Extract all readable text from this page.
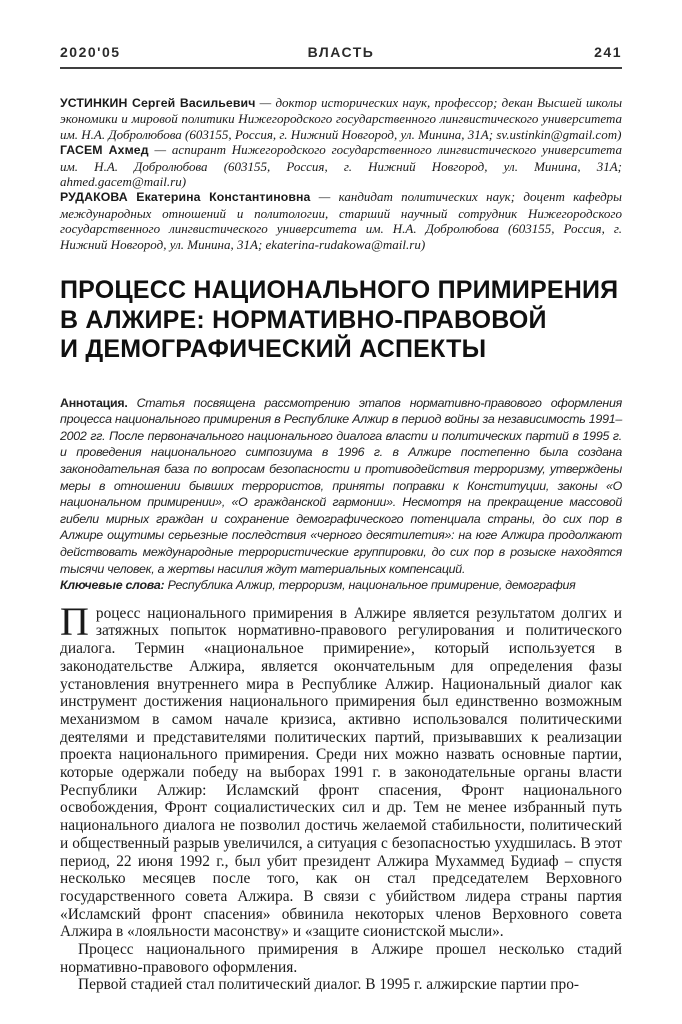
2020'05	ВЛАСТЬ	241

УСТИНКИН Сергей Васильевич — доктор исторических наук, профессор; декан Высшей школы экономики и мировой политики Нижегородского государственного лингвистического университета им. Н.А. Добролюбова (603155, Россия, г. Нижний Новгород, ул. Минина, 31А; sv.ustinkin@gmail.com)

ГАСЕМ Ахмед — аспирант Нижегородского государственного лингвистического университета им. Н.А. Добролюбова (603155, Россия, г. Нижний Новгород, ул. Минина, 31А; ahmed.gacem@mail.ru)

РУДАКОВА Екатерина Константиновна — кандидат политических наук; доцент кафедры международных отношений и политологии, старший научный сотрудник Нижегородского государственного лингвистического университета им. Н.А. Добролюбова (603155, Россия, г. Нижний Новгород, ул. Минина, 31А; ekaterina-rudakowa@mail.ru)

ПРОЦЕСС НАЦИОНАЛЬНОГО ПРИМИРЕНИЯ
В АЛЖИРЕ: НОРМАТИВНО-ПРАВОВОЙ
И ДЕМОГРАФИЧЕСКИЙ АСПЕКТЫ

Аннотация. Статья посвящена рассмотрению этапов нормативно-правового оформления процесса национального примирения в Республике Алжир в период войны за независимость 1991–2002 гг. После первоначального национального диалога власти и политических партий в 1995 г. и проведения национального симпозиума в 1996 г. в Алжире постепенно была создана законодательная база по вопросам безопасности и противодействия терроризму, утверждены меры в отношении бывших террористов, приняты поправки к Конституции, законы «О национальном примирении», «О гражданской гармонии». Несмотря на прекращение массовой гибели мирных граждан и сохранение демографического потенциала страны, до сих пор в Алжире ощутимы серьезные последствия «черного десятилетия»: на юге Алжира продолжают действовать международные террористические группировки, до сих пор в розыске находятся тысячи человек, а жертвы насилия ждут материальных компенсаций.

Ключевые слова: Республика Алжир, терроризм, национальное примирение, демография

Процесс национального примирения в Алжире является результатом долгих и затяжных попыток нормативно-правового регулирования и политического диалога. Термин «национальное примирение», который используется в законодательстве Алжира, является окончательным для определения фазы установления внутреннего мира в Республике Алжир. Национальный диалог как инструмент достижения национального примирения был единственно возможным механизмом в самом начале кризиса, активно использовался политическими деятелями и представителями политических партий, призывавших к реализации проекта национального примирения. Среди них можно назвать основные партии, которые одержали победу на выборах 1991 г. в законодательные органы власти Республики Алжир: Исламский фронт спасения, Фронт национального освобождения, Фронт социалистических сил и др. Тем не менее избранный путь национального диалога не позволил достичь желаемой стабильности, политический и общественный разрыв увеличился, а ситуация с безопасностью ухудшилась. В этот период, 22 июня 1992 г., был убит президент Алжира Мухаммед Будиаф – спустя несколько месяцев после того, как он стал председателем Верховного государственного совета Алжира. В связи с убийством лидера страны партия «Исламский фронт спасения» обвинила некоторых членов Верховного совета Алжира в «лояльности масонству» и «защите сионистской мысли».

Процесс национального примирения в Алжире прошел несколько стадий нормативно-правового оформления.

Первой стадией стал политический диалог. В 1995 г. алжирские партии про-
